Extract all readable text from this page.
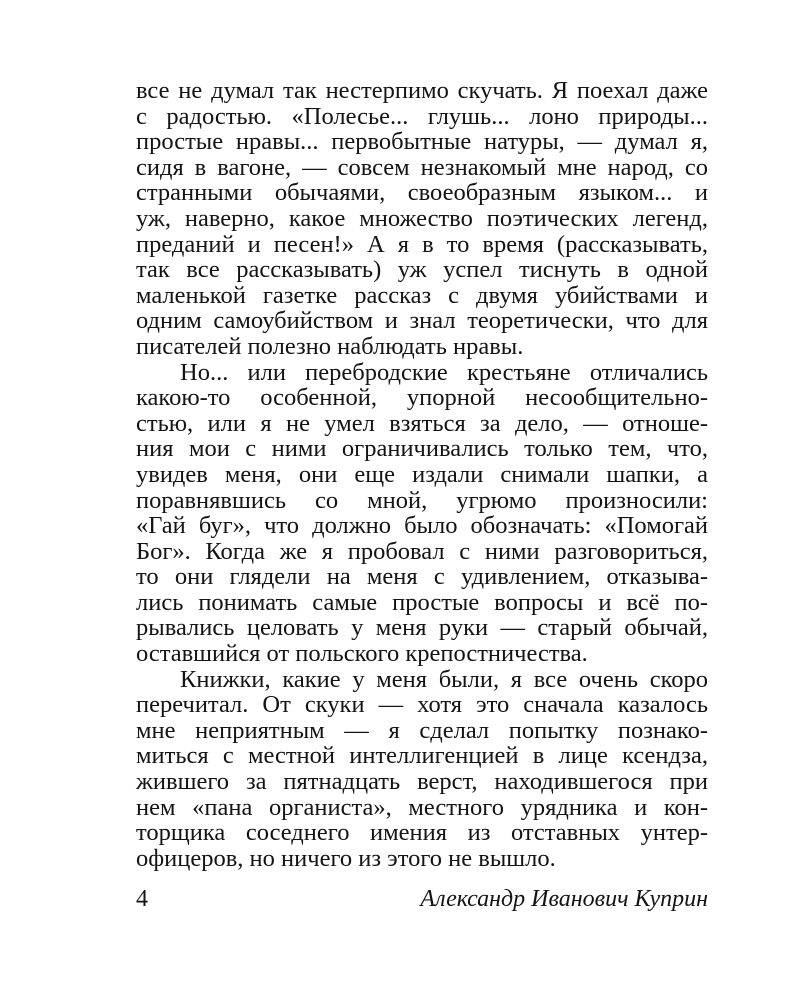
все не думал так нестерпимо скучать. Я поехал даже
с радостью. «Полесье... глушь... лоно природы...
простые нравы... первобытные натуры, — думал я,
сидя в вагоне, — совсем незнакомый мне народ, со
странными обычаями, своеобразным языком... и
уж, наверно, какое множество поэтических легенд,
преданий и песен!» А я в то время (рассказывать,
так все рассказывать) уж успел тиснуть в одной
маленькой газетке рассказ с двумя убийствами и
одним самоубийством и знал теоретически, что для
писателей полезно наблюдать нравы.
Но... или перебродские крестьяне отличались
какою-то особенной, упорной несообщительно-
стью, или я не умел взяться за дело, — отноше-
ния мои с ними ограничивались только тем, что,
увидев меня, они еще издали снимали шапки, а
поравнявшись со мной, угрюмо произносили:
«Гай буг», что должно было обозначать: «Помогай
Бог». Когда же я пробовал с ними разговориться,
то они глядели на меня с удивлением, отказыва-
лись понимать самые простые вопросы и всё по-
рывались целовать у меня руки — старый обычай,
оставшийся от польского крепостничества.
Книжки, какие у меня были, я все очень скоро
перечитал. От скуки — хотя это сначала казалось
мне неприятным — я сделал попытку познако-
миться с местной интеллигенцией в лице ксендза,
жившего за пятнадцать верст, находившегося при
нем «пана органиста», местного урядника и кон-
торщика соседнего имения из отставных унтер-
офицеров, но ничего из этого не вышло.
4	Александр Иванович Куприн
